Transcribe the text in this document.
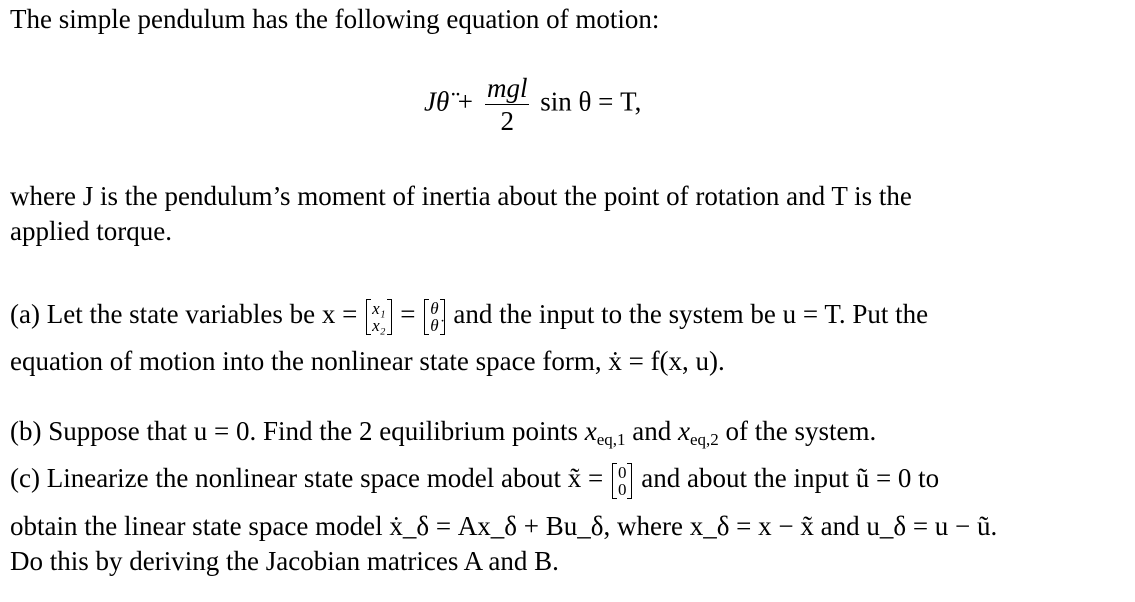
The simple pendulum has the following equation of motion:
Jθ̈ + $\frac{\text{mgl}}{2}$ sin θ = T,
where J is the pendulum’s moment of inertia about the point of rotation and T is the
applied torque.
(a) Let the state variables be x = x₁
x₂ = θ
θ̇ and the input to the system be u = T. Put the
equation of motion into the nonlinear state space form, ẋ = f(x, u).
(b) Suppose that u = 0. Find the 2 equilibrium points $x_{eq,1}$ and $x_{eq,2}$ of the system.
(c) Linearize the nonlinear state space model about x̃ = 0
0 and about the input ũ = 0 to
obtain the linear state space model ẋ_δ = Ax_δ + Bu_δ, where x_δ = x − x̃ and u_δ = u − ũ.
Do this by deriving the Jacobian matrices A and B.
